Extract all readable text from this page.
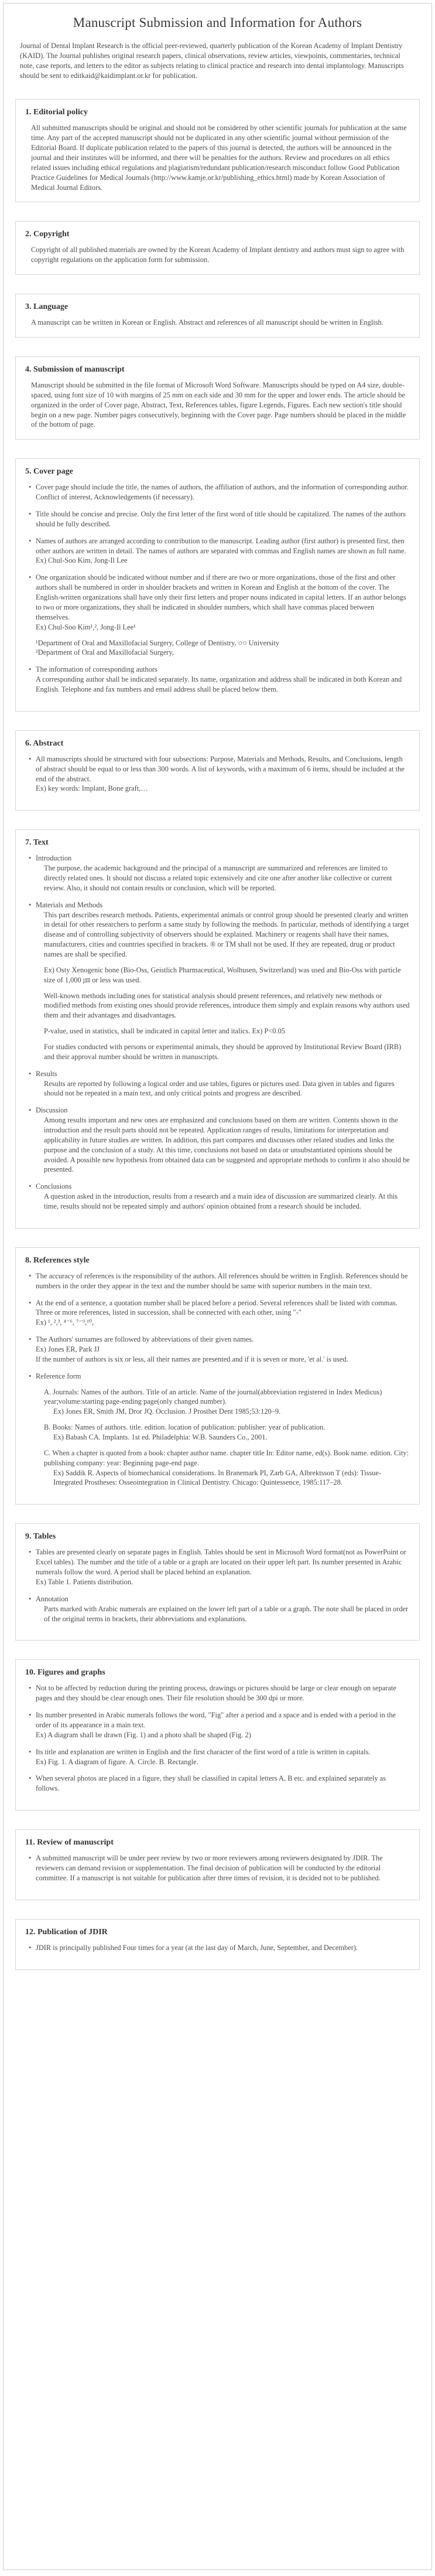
Manuscript Submission and Information for Authors

Journal of Dental Implant Research is the official peer-reviewed, quarterly publication of the Korean Academy of Implant Dentistry (KAID). The Journal publishes original research papers, clinical observations, review articles, viewpoints, commentaries, technical note, case reports, and letters to the editor as subjects relating to clinical practice and research into dental implantology. Manuscripts should be sent to editkaid@kaidimplant.or.kr for publication.

1. Editorial policy

All submitted manuscripts should be original and should not be considered by other scientific journals for publication at the same time. Any part of the accepted manuscript should not be duplicated in any other scientific journal without permission of the Editorial Board. If duplicate publication related to the papers of this journal is detected, the authors will be announced in the journal and their institutes will be informed, and there will be penalties for the authors. Review and procedures on all ethics related issues including ethical regulations and plagiarism/redundant publication/research misconduct follow Good Publication Practice Guidelines for Medical Journals (http://www.kamje.or.kr/publishing_ethics.html) made by Korean Association of Medical Journal Editors.

2. Copyright

Copyright of all published materials are owned by the Korean Academy of Implant dentistry and authors must sign to agree with copyright regulations on the application form for submission.

3. Language

A manuscript can be written in Korean or English. Abstract and references of all manuscript should be written in English.

4. Submission of manuscript

Manuscript should be submitted in the file format of Microsoft Word Software. Manuscripts should be typed on A4 size, double-spaced, using font size of 10 with margins of 25 mm on each side and 30 mm for the upper and lower ends. The article should be organized in the order of Cover page, Abstract, Text, References tables, figure Legends, Figures. Each new section's title should begin on a new page. Number pages consecutively, beginning with the Cover page. Page numbers should be placed in the middle of the bottom of page.

5. Cover page

• Cover page should include the title, the names of authors, the affiliation of authors, and the information of corresponding author. Conflict of interest, Acknowledgements (if necessary).

• Title should be concise and precise. Only the first letter of the first word of title should be capitalized. The names of the authors should be fully described.

• Names of authors are arranged according to contribution to the manuscript. Leading author (first author) is presented first, then other authors are written in detail. The names of authors are separated with commas and English names are shown as full name.

Ex) Chul-Soo Kim, Jong-Il Lee

• One organization should be indicated without number and if there are two or more organizations, those of the first and other authors shall be numbered in order in shoulder brackets and written in Korean and English at the bottom of the cover. The English-written organizations shall have only their first letters and proper nouns indicated in capital letters. If an author belongs to two or more organizations, they shall be indicated in shoulder numbers, which shall have commas placed between themselves.

Ex) Chul-Soo Kim¹,², Jong-Il Lee¹

¹Department of Oral and Maxillofacial Surgery, College of Dentistry, ○○ University

²Department of Oral and Maxillofacial Surgery,

• The information of corresponding authors

A corresponding author shall be indicated separately. Its name, organization and address shall be indicated in both Korean and English. Telephone and fax numbers and email address shall be placed below them.

6. Abstract

• All manuscripts should be structured with four subsections: Purpose, Materials and Methods, Results, and Conclusions, length of abstract should be equal to or less than 300 words. A list of keywords, with a maximum of 6 items, should be included at the end of the abstract.

Ex) key words: Implant, Bone graft,…

7. Text

• Introduction

The purpose, the academic background and the principal of a manuscript are summarized and references are limited to directly related ones. It should not discuss a related topic extensively and cite one after another like collective or current review. Also, it should not contain results or conclusion, which will be reported.

• Materials and Methods

This part describes research methods. Patients, experimental animals or control group should be presented clearly and written in detail for other researchers to perform a same study by following the methods. In particular, methods of identifying a target disease and of controlling subjectivity of observers should be explained. Machinery or reagents shall have their names, manufacturers, cities and countries specified in brackets. ® or TM shall not be used. If they are repeated, drug or product names are shall be specified.

Ex) Osty Xenogenic bone (Bio-Oss, Geistlich Pharmaceutical, Wolhusen, Switzerland) was used and Bio-Oss with particle size of 1,000 ㎛ or less was used.

Well-known methods including ones for statistical analysis should present references, and relatively new methods or modified methods from existing ones should provide references, introduce them simply and explain reasons why authors used them and their advantages and disadvantages.

P-value, used in statistics, shall be indicated in capital letter and italics. Ex) P<0.05

For studies conducted with persons or experimental animals, they should be approved by Institutional Review Board (IRB) and their approval number should be written in manuscripts.

• Results

Results are reported by following a logical order and use tables, figures or pictures used. Data given in tables and figures should not be repeated in a main text, and only critical points and progress are described.

• Discussion

Among results important and new ones are emphasized and conclusions based on them are written. Contents shown in the introduction and the result parts should not be repeated. Application ranges of results, limitations for interpretation and applicability in future studies are written. In addition, this part compares and discusses other related studies and links the purpose and the conclusion of a study. At this time, conclusions not based on data or unsubstantiated opinions should be avoided. A possible new hypothesis from obtained data can be suggested and appropriate methods to confirm it also should be presented.

• Conclusions

A question asked in the introduction, results from a research and a main idea of discussion are summarized clearly. At this time, results should not be repeated simply and authors' opinion obtained from a research should be included.

8. References style

• The accuracy of references is the responsibility of the authors. All references should be written in English. References should be numbers in the order they appear in the text and the number should be same with superior numbers in the main text.

• At the end of a sentence, a quotation number shall be placed before a period. Several references shall be listed with commas. Three or more references, listed in succession, shall be connected with each other, using "-"

Ex) ¹, ²,³, ⁴⁻⁶, ⁷⁻⁹,¹⁰,

• The Authors' surnames are followed by abbreviations of their given names.

Ex) Jones ER, Park JJ

If the number of authors is six or less, all their names are presented and if it is seven or more, 'et al.' is used.

• Reference form

A. Journals: Names of the authors. Title of an article. Name of the journal(abbreviation registered in Index Medicus) year;volume:starting page-ending page(only changed number).

Ex) Jones ER, Smith JM, Dror JQ. Occlusion. J Prosthet Dent 1985;53:120–9.

B. Books: Names of authors. title. edition. location of publication: publisher: year of publication.

Ex) Babash CA. Implants. 1st ed. Philadelphia: W.B. Saunders Co., 2001.

C. When a chapter is quoted from a book: chapter author name. chapter title In: Editor name, ed(s). Book name. edition. City: publishing company: year: Beginning page-end page.

Ex) Saddik R. Aspects of biomechanical considerations. In Branemark PI, Zarb GA, Albrektsson T (eds): Tissue-Integrated Prostheses: Osseointegration in Clinical Dentistry. Chicago: Quintessence, 1985:117–28.

9. Tables

• Tables are presented clearly on separate pages in English. Tables should be sent in Microsoft Word format(not as PowerPoint or Excel tables). The number and the title of a table or a graph are located on their upper left part. Its number presented in Arabic numerals follow the word. A period shall be placed behind an explanation.

Ex) Table 1. Patients distribution.

• Annotation

Parts marked with Arabic numerals are explained on the lower left part of a table or a graph. The note shall be placed in order of the original terms in brackets, their abbreviations and explanations.

10. Figures and graphs

• Not to be affected by reduction during the printing process, drawings or pictures should be large or clear enough on separate pages and they should be clear enough ones. Their file resolution should be 300 dpi or more.

• Its number presented in Arabic numerals follows the word, "Fig" after a period and a space and is ended with a period in the order of its appearance in a main text.

Ex) A diagram shall be drawn (Fig. 1) and a photo shall be shaped (Fig. 2)

• Its title and explanation are written in English and the first character of the first word of a title is written in capitals.

Ex) Fig. 1. A diagram of figure. A. Circle. B. Rectangle.

• When several photos are placed in a figure, they shall be classified in capital letters A, B etc. and explained separately as follows.

11. Review of manuscript

• A submitted manuscript will be under peer review by two or more reviewers among reviewers designated by JDIR. The reviewers can demand revision or supplementation. The final decision of publication will be conducted by the editorial committee. If a manuscript is not suitable for publication after three times of revision, it is decided not to be published.

12. Publication of JDIR

• JDIR is principally published Four times for a year (at the last day of March, June, September, and December).
